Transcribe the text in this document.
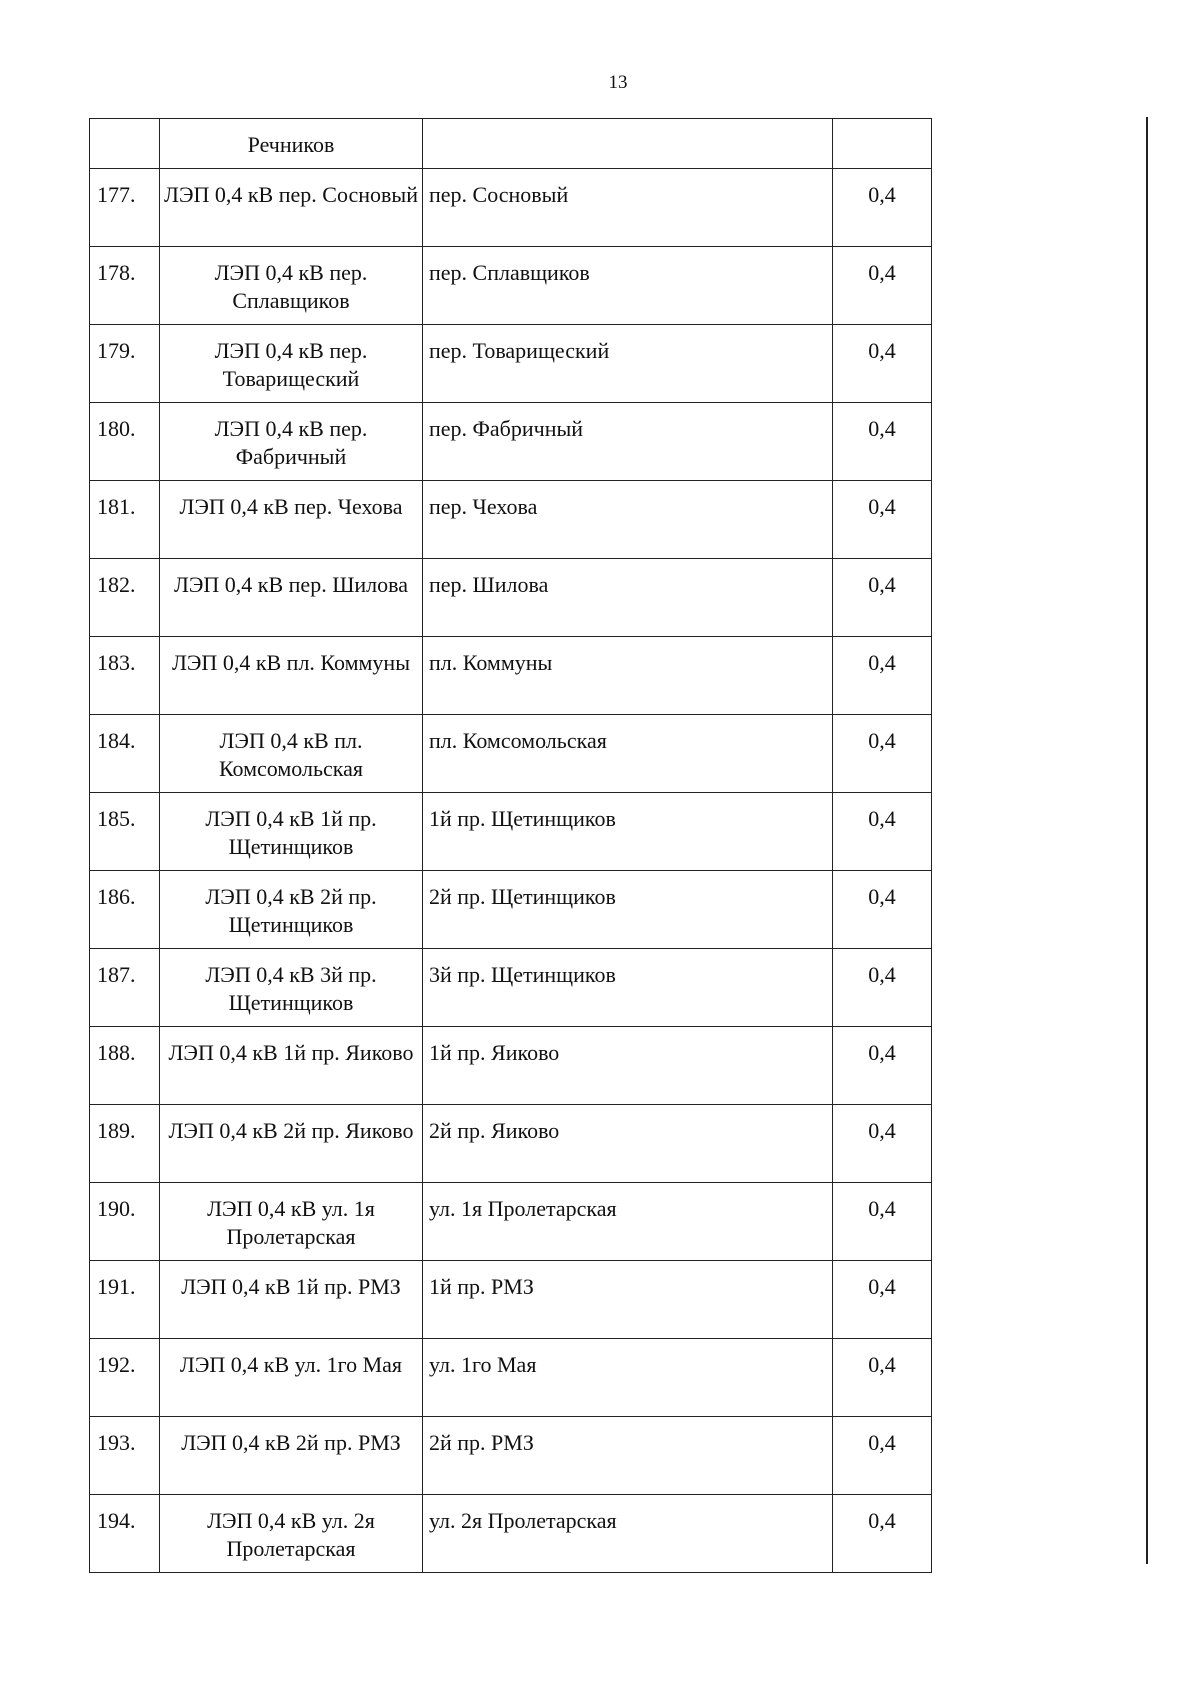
13
	Речников		
177.	ЛЭП 0,4 кВ пер. Сосновый	пер. Сосновый	0,4
178.	ЛЭП 0,4 кВ пер. Сплавщиков	пер. Сплавщиков	0,4
179.	ЛЭП 0,4 кВ пер. Товарищеский	пер. Товарищеский	0,4
180.	ЛЭП 0,4 кВ пер. Фабричный	пер. Фабричный	0,4
181.	ЛЭП 0,4 кВ пер. Чехова	пер. Чехова	0,4
182.	ЛЭП 0,4 кВ пер. Шилова	пер. Шилова	0,4
183.	ЛЭП 0,4 кВ пл. Коммуны	пл. Коммуны	0,4
184.	ЛЭП 0,4 кВ пл. Комсомольская	пл. Комсомольская	0,4
185.	ЛЭП 0,4 кВ 1й пр. Щетинщиков	1й пр. Щетинщиков	0,4
186.	ЛЭП 0,4 кВ 2й пр. Щетинщиков	2й пр. Щетинщиков	0,4
187.	ЛЭП 0,4 кВ 3й пр. Щетинщиков	3й пр. Щетинщиков	0,4
188.	ЛЭП 0,4 кВ 1й пр. Яиково	1й пр. Яиково	0,4
189.	ЛЭП 0,4 кВ 2й пр. Яиково	2й пр. Яиково	0,4
190.	ЛЭП 0,4 кВ ул. 1я Пролетарская	ул. 1я Пролетарская	0,4
191.	ЛЭП 0,4 кВ 1й пр. РМЗ	1й пр. РМЗ	0,4
192.	ЛЭП 0,4 кВ ул. 1го Мая	ул. 1го Мая	0,4
193.	ЛЭП 0,4 кВ 2й пр. РМЗ	2й пр. РМЗ	0,4
194.	ЛЭП 0,4 кВ ул. 2я Пролетарская	ул. 2я Пролетарская	0,4
